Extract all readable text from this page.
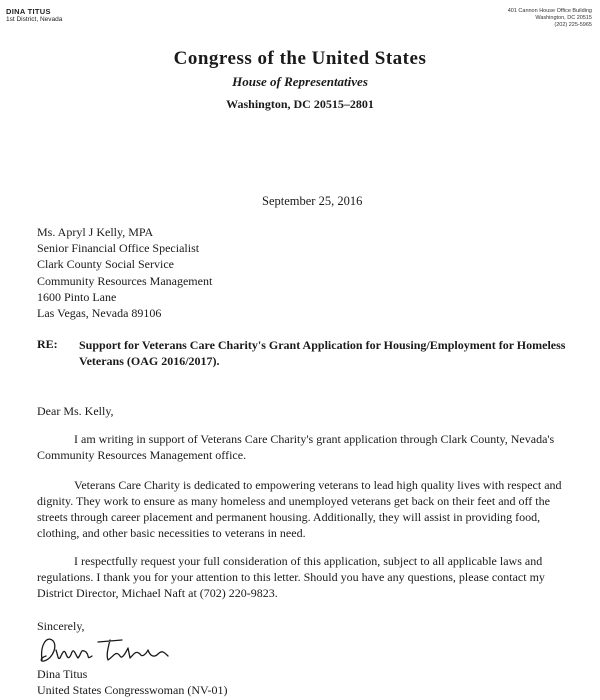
DINA TITUS
1st District, Nevada
401 Cannon House Office Building
Washington, DC 20515
(202) 225-5965
Congress of the United States
House of Representatives
Washington, DC 20515–2801
September 25, 2016
Ms. Apryl J Kelly, MPA
Senior Financial Office Specialist
Clark County Social Service
Community Resources Management
1600 Pinto Lane
Las Vegas, Nevada 89106
RE: Support for Veterans Care Charity's Grant Application for Housing/Employment for Homeless Veterans (OAG 2016/2017).
Dear Ms. Kelly,
I am writing in support of Veterans Care Charity's grant application through Clark County, Nevada's Community Resources Management office.
Veterans Care Charity is dedicated to empowering veterans to lead high quality lives with respect and dignity. They work to ensure as many homeless and unemployed veterans get back on their feet and off the streets through career placement and permanent housing. Additionally, they will assist in providing food, clothing, and other basic necessities to veterans in need.
I respectfully request your full consideration of this application, subject to all applicable laws and regulations. I thank you for your attention to this letter. Should you have any questions, please contact my District Director, Michael Naft at (702) 220-9823.
Sincerely,
Dina Titus
United States Congresswoman (NV-01)
